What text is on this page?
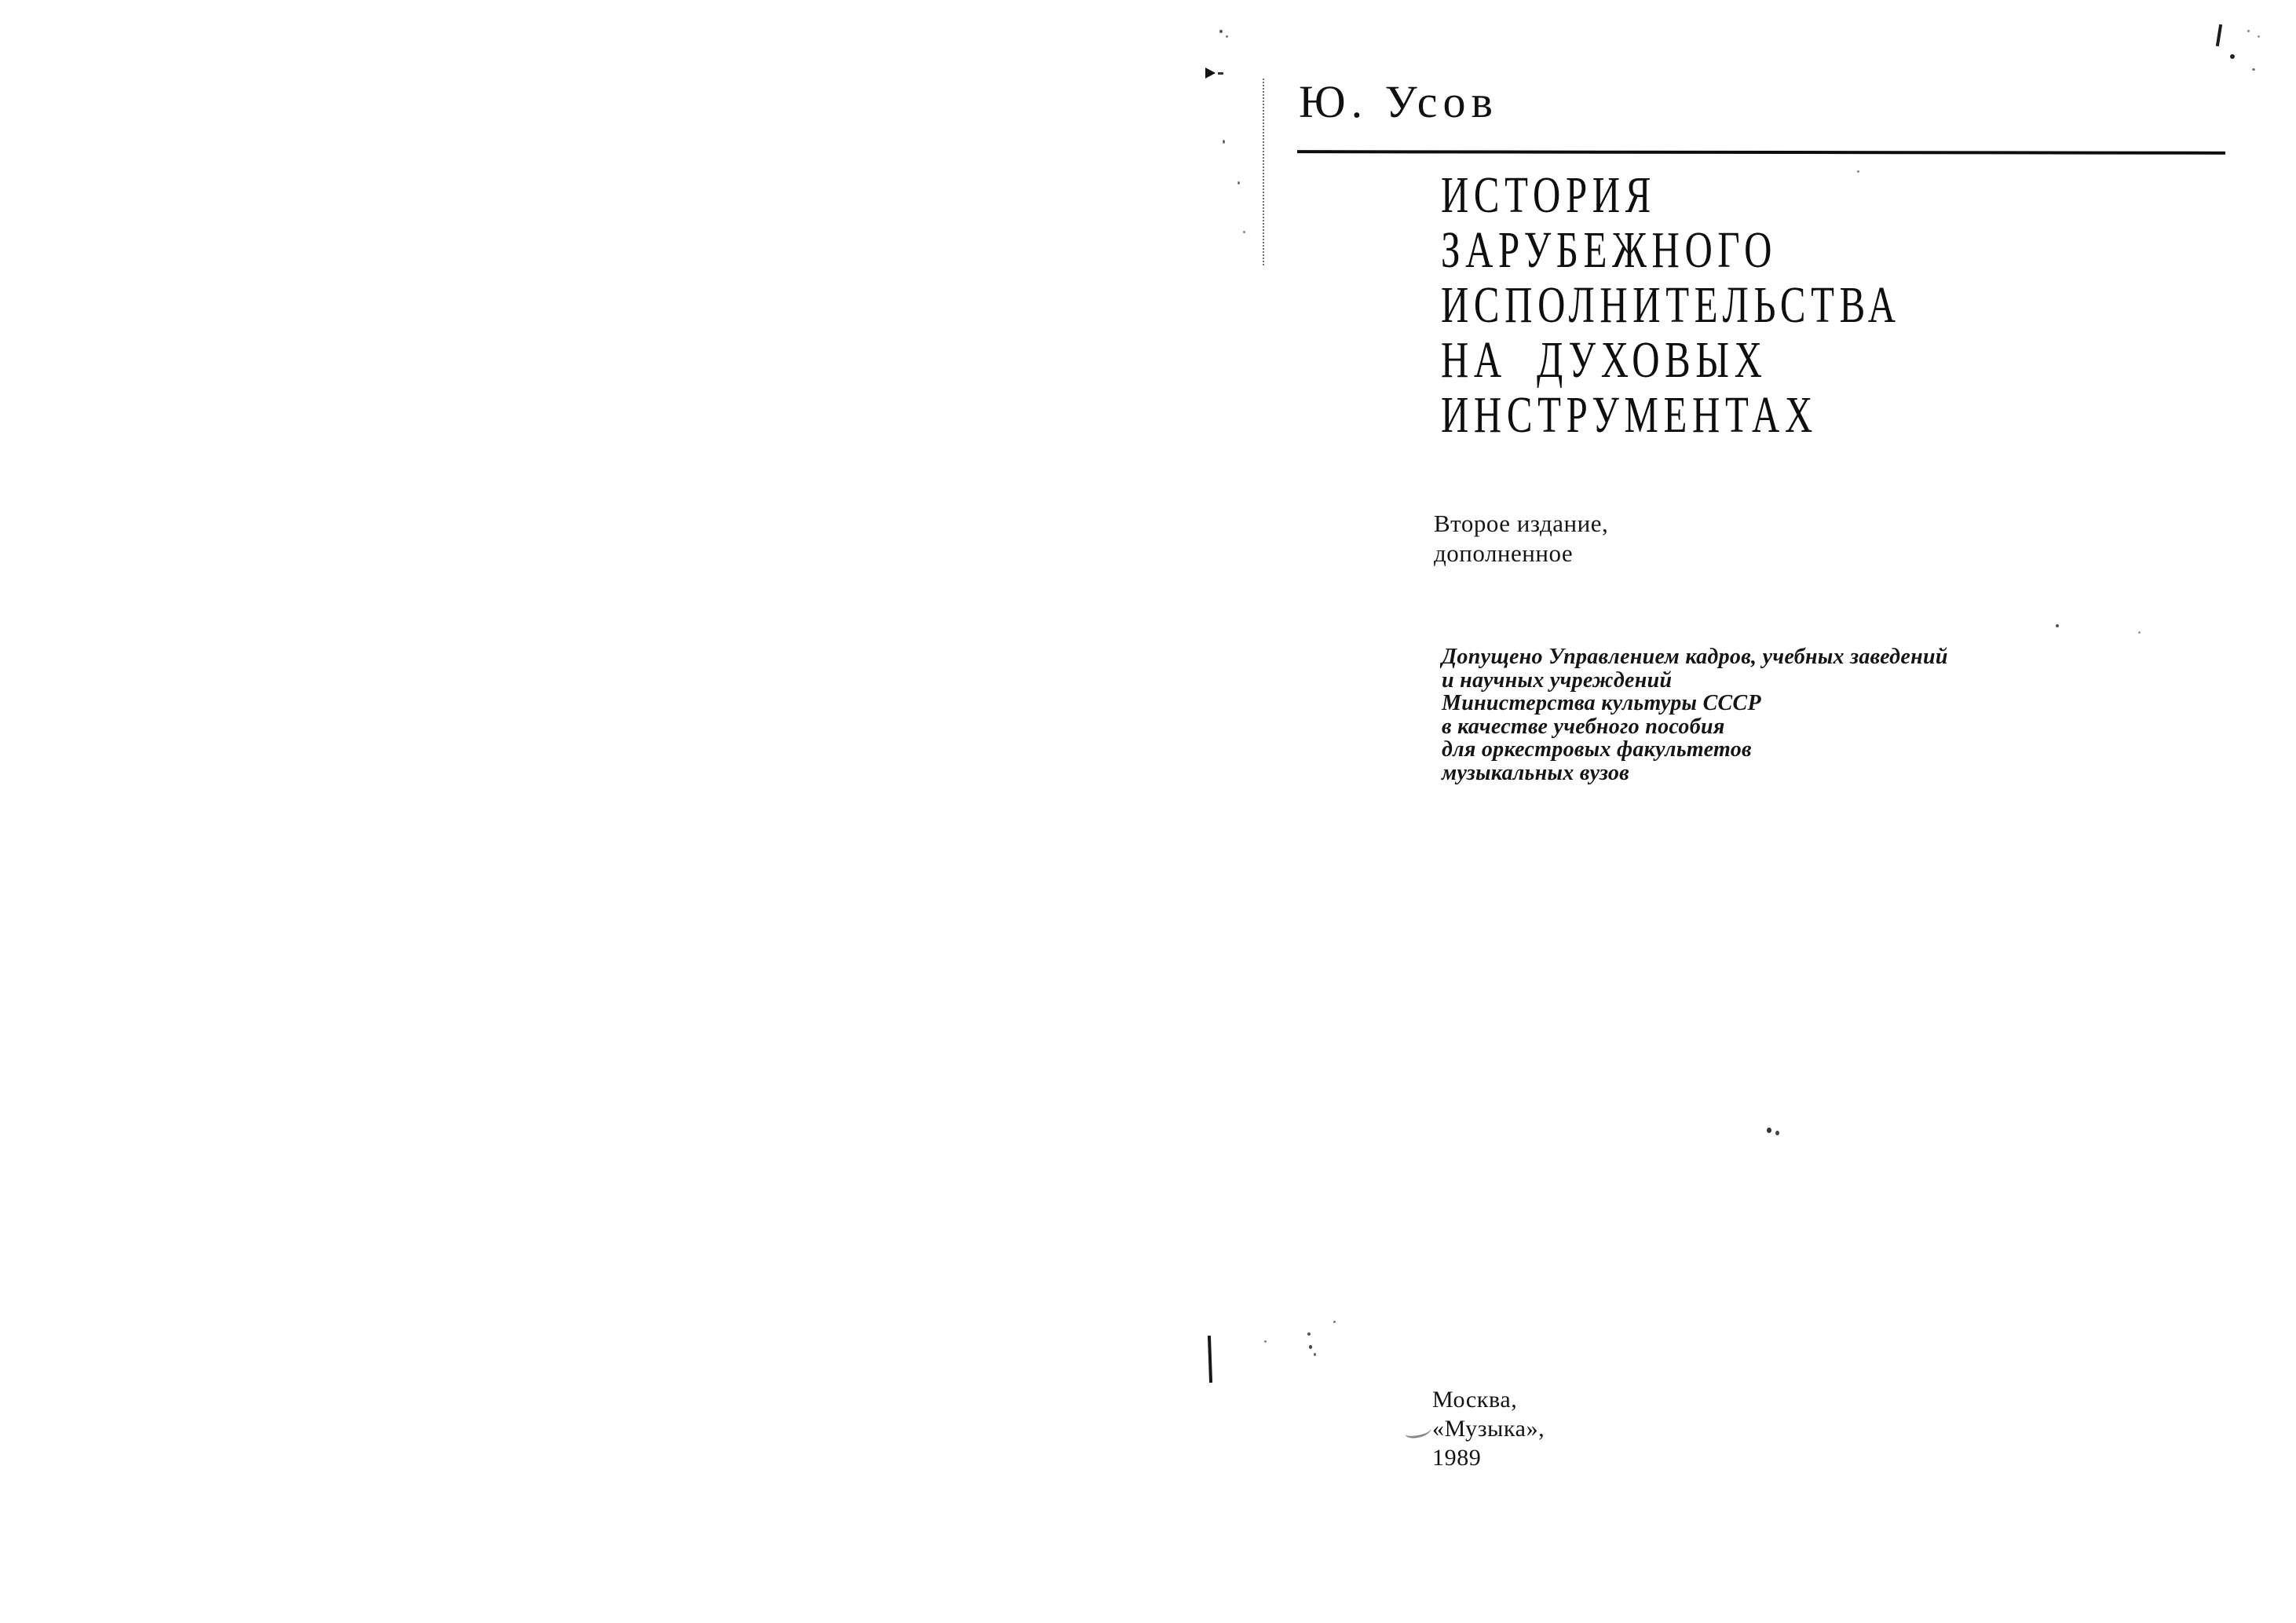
Ю. Усов
ИСТОРИЯ
ЗАРУБЕЖНОГО
ИСПОЛНИТЕЛЬСТВА
НА ДУХОВЫХ
ИНСТРУМЕНТАХ
Второе издание,
дополненное
Допущено Управлением кадров, учебных заведений
и научных учреждений
Министерства культуры СССР
в качестве учебного пособия
для оркестровых факультетов
музыкальных вузов
Москва,
«Музыка»,
1989
